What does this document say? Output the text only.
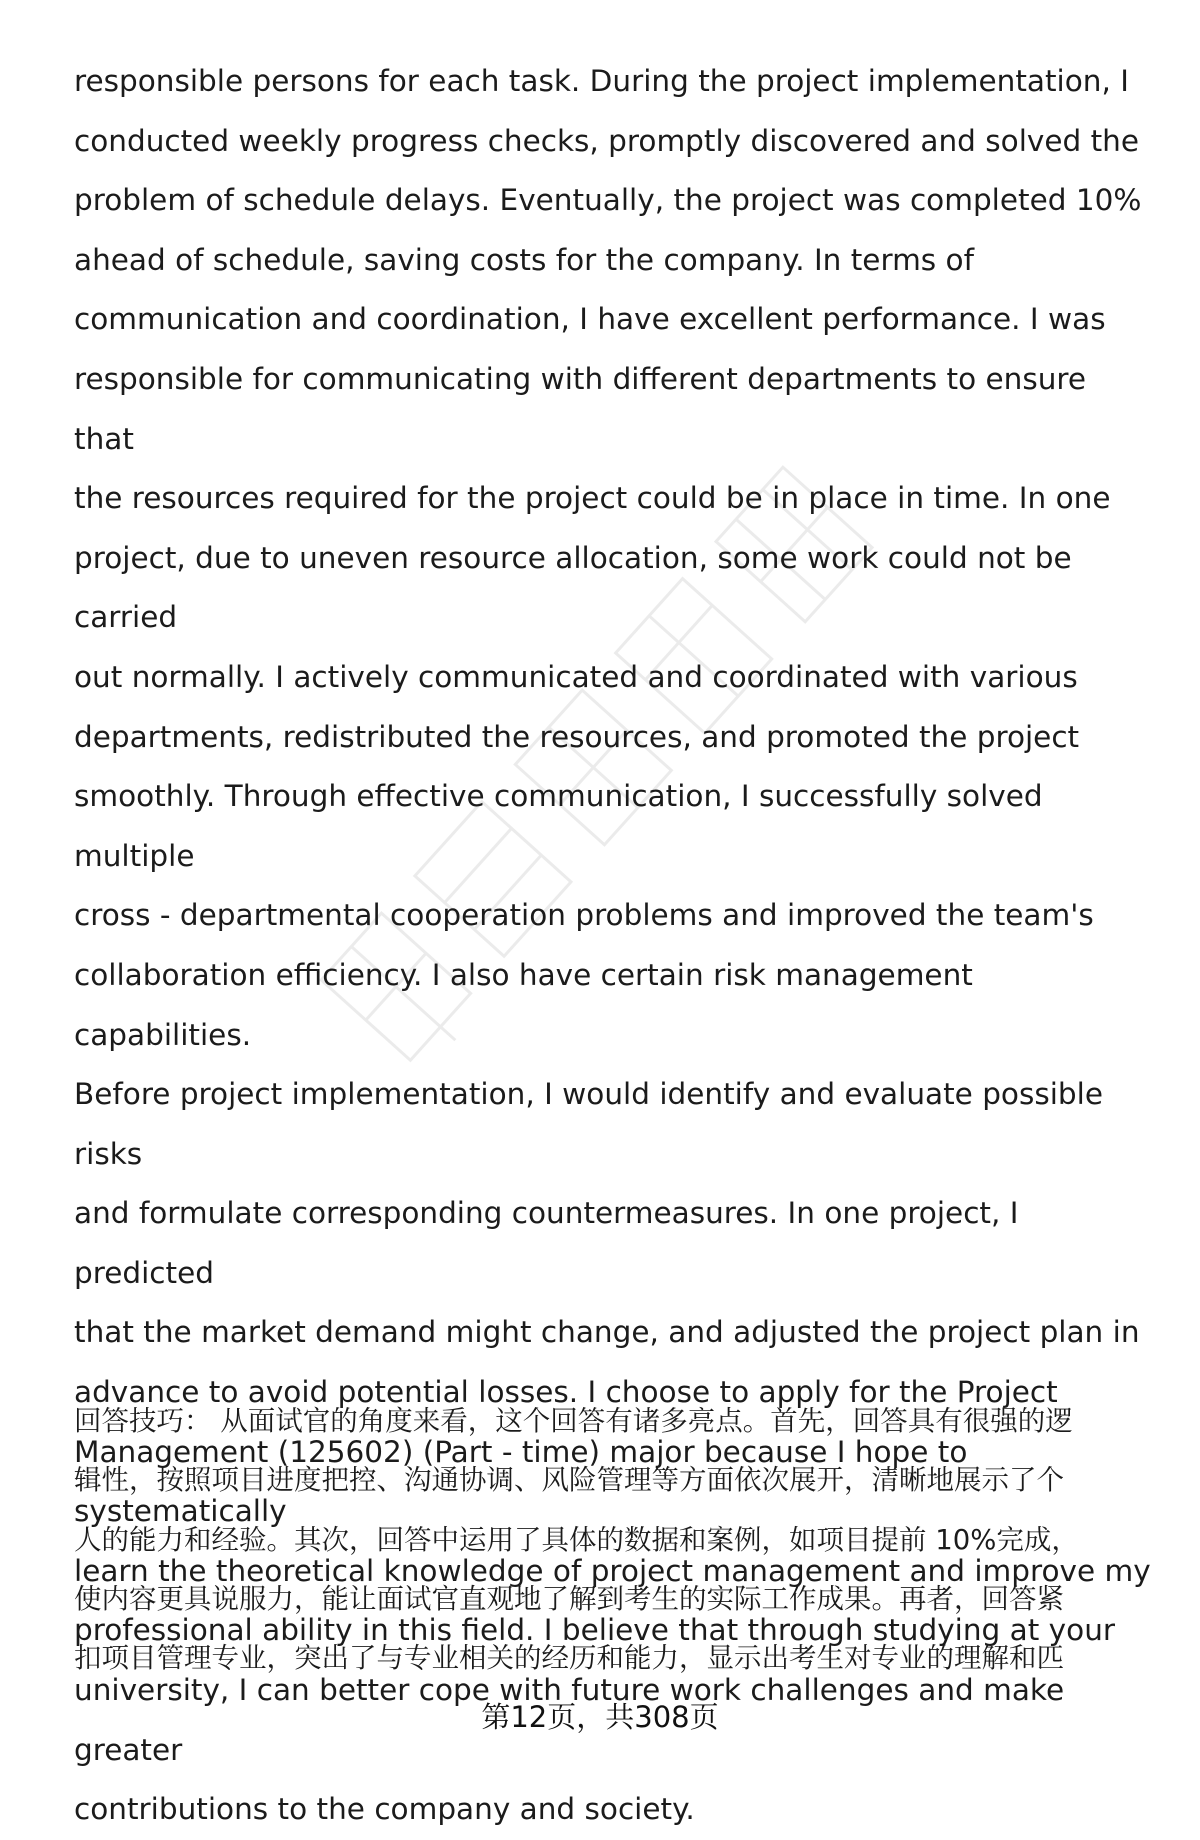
responsible persons for each task. During the project implementation, I
conducted weekly progress checks, promptly discovered and solved the
problem of schedule delays. Eventually, the project was completed 10%
ahead of schedule, saving costs for the company. In terms of
communication and coordination, I have excellent performance. I was
responsible for communicating with different departments to ensure that
the resources required for the project could be in place in time. In one
project, due to uneven resource allocation, some work could not be carried
out normally. I actively communicated and coordinated with various
departments, redistributed the resources, and promoted the project
smoothly. Through effective communication, I successfully solved multiple
cross - departmental cooperation problems and improved the team's
collaboration efficiency. I also have certain risk management capabilities.
Before project implementation, I would identify and evaluate possible risks
and formulate corresponding countermeasures. In one project, I predicted
that the market demand might change, and adjusted the project plan in
advance to avoid potential losses. I choose to apply for the Project
Management (125602) (Part - time) major because I hope to systematically
learn the theoretical knowledge of project management and improve my
professional ability in this field. I believe that through studying at your
university, I can better cope with future work challenges and make greater
contributions to the company and society.

回答技巧： 从面试官的角度来看，这个回答有诸多亮点。首先，回答具有很强的逻
辑性，按照项目进度把控、沟通协调、风险管理等方面依次展开，清晰地展示了个
人的能力和经验。其次，回答中运用了具体的数据和案例，如项目提前 10%完成，
使内容更具说服力，能让面试官直观地了解到考生的实际工作成果。再者，回答紧
扣项目管理专业，突出了与专业相关的经历和能力，显示出考生对专业的理解和匹

第12页，共308页
